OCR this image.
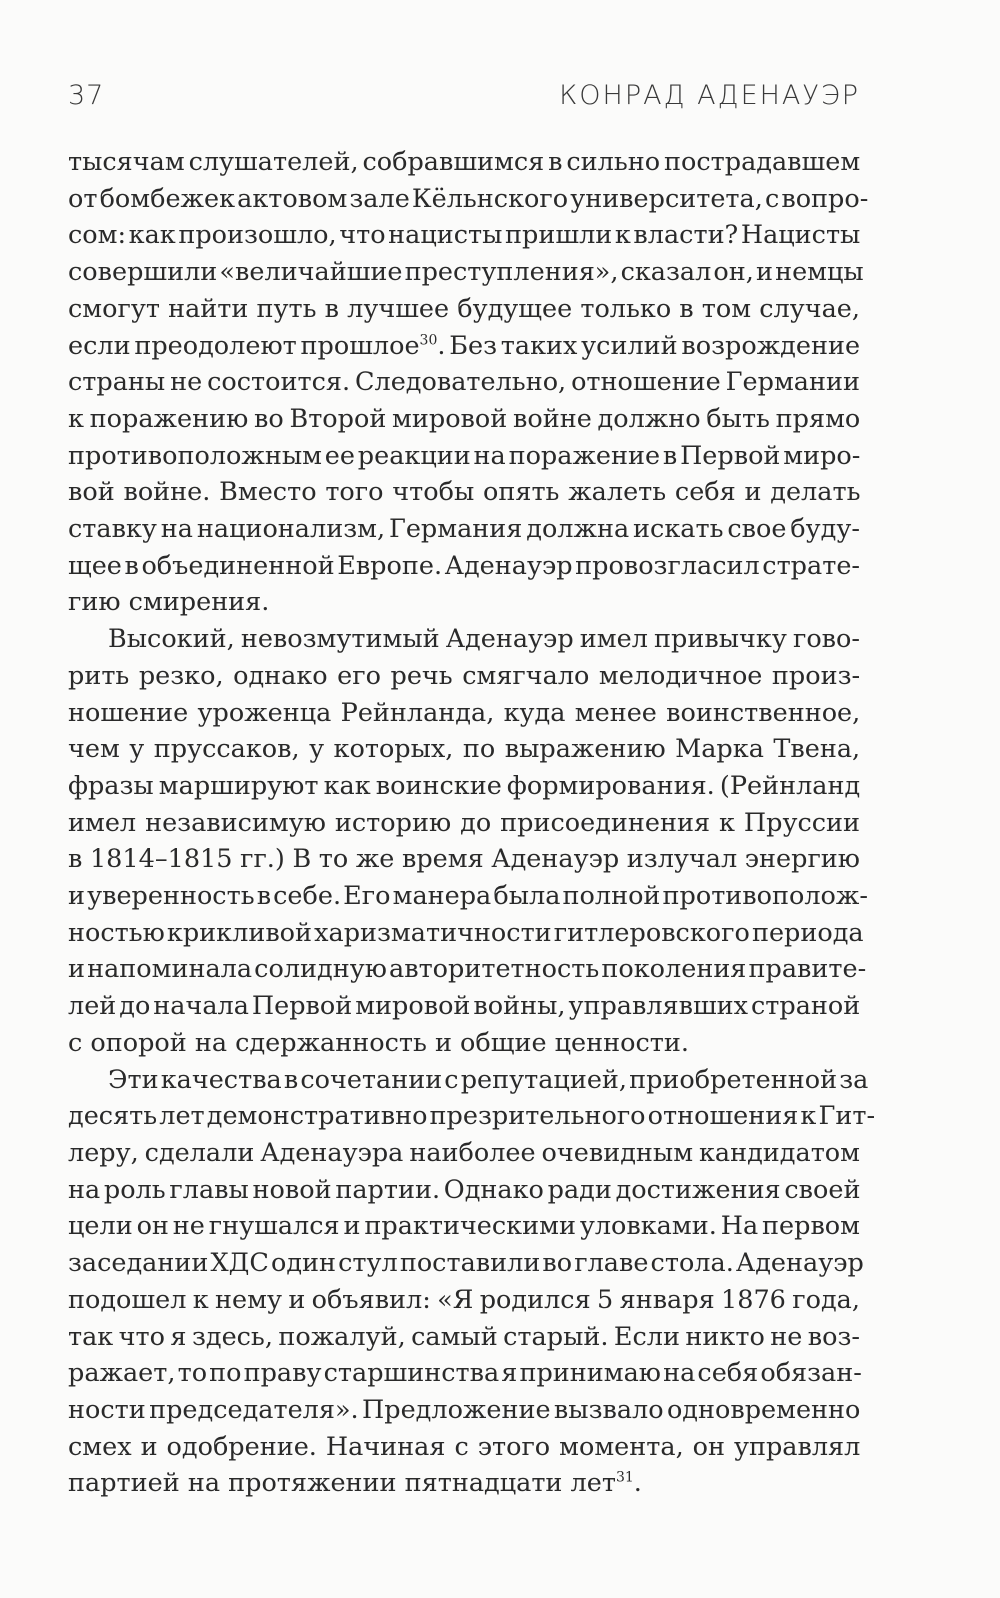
37	КОНРАД АДЕНАУЭР

тысячам слушателей, собравшимся в сильно пострадавшем
от бомбежек актовом зале Кёльнского университета, с вопро-
сом: как произошло, что нацисты пришли к власти? Нацисты
совершили «величайшие преступления», сказал он, и немцы
смогут найти путь в лучшее будущее только в том случае,
если преодолеют прошлое$^{30}$. Без таких усилий возрождение
страны не состоится. Следовательно, отношение Германии
к поражению во Второй мировой войне должно быть прямо
противоположным ее реакции на поражение в Первой миро-
вой войне. Вместо того чтобы опять жалеть себя и делать
ставку на национализм, Германия должна искать свое буду-
щее в объединенной Европе. Аденауэр провозгласил страте-
гию смирения.

Высокий, невозмутимый Аденауэр имел привычку гово-
рить резко, однако его речь смягчало мелодичное произ-
ношение уроженца Рейнланда, куда менее воинственное,
чем у пруссаков, у которых, по выражению Марка Твена,
фразы маршируют как воинские формирования. (Рейнланд
имел независимую историю до присоединения к Пруссии
в 1814–1815 гг.) В то же время Аденауэр излучал энергию
и уверенность в себе. Его манера была полной противополож-
ностью крикливой харизматичности гитлеровского периода
и напоминала солидную авторитетность поколения правите-
лей до начала Первой мировой войны, управлявших страной
с опорой на сдержанность и общие ценности.

Эти качества в сочетании с репутацией, приобретенной за
десять лет демонстративно презрительного отношения к Гит-
леру, сделали Аденауэра наиболее очевидным кандидатом
на роль главы новой партии. Однако ради достижения своей
цели он не гнушался и практическими уловками. На первом
заседании ХДС один стул поставили во главе стола. Аденауэр
подошел к нему и объявил: «Я родился 5 января 1876 года,
так что я здесь, пожалуй, самый старый. Если никто не воз-
ражает, то по праву старшинства я принимаю на себя обязан-
ности председателя». Предложение вызвало одновременно
смех и одобрение. Начиная с этого момента, он управлял
партией на протяжении пятнадцати лет$^{31}$.
